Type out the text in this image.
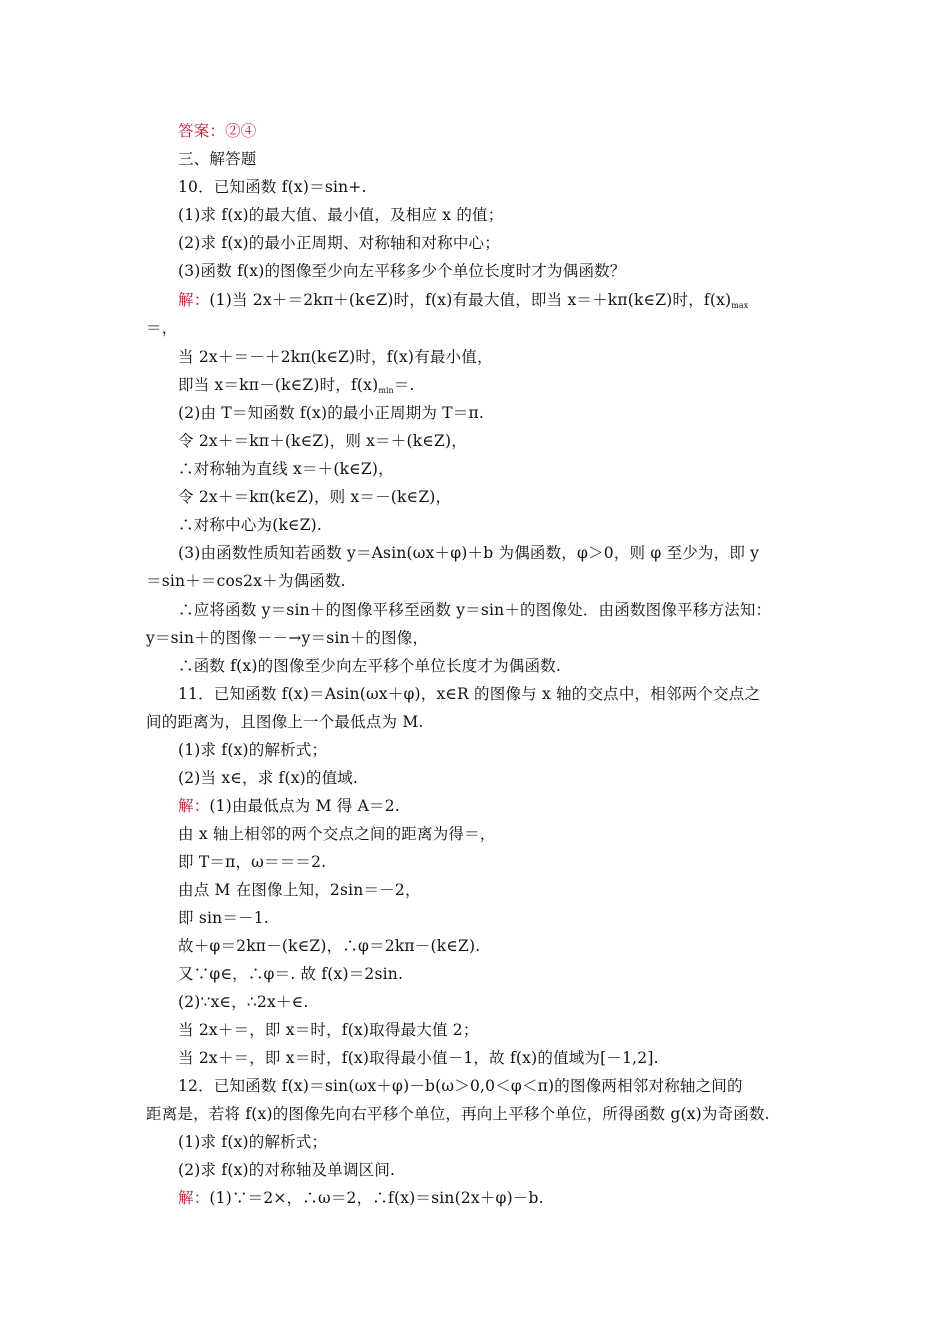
答案：②④
三、解答题
10．已知函数 f(x)＝sin+.
(1)求 f(x)的最大值、最小值，及相应 x 的值；
(2)求 f(x)的最小正周期、对称轴和对称中心；
(3)函数 f(x)的图像至少向左平移多少个单位长度时才为偶函数？
解：(1)当 2x＋＝2kπ＋(k∈Z)时，f(x)有最大值，即当 x＝＋kπ(k∈Z)时，$f(x)_{max}$
＝，
当 2x＋＝－＋2kπ(k∈Z)时，f(x)有最小值，
即当 x＝kπ－(k∈Z)时，$f(x)_{min}=$.
(2)由 T＝知函数 f(x)的最小正周期为 T＝π.
令 2x＋＝kπ＋(k∈Z)，则 x＝＋(k∈Z)，
∴对称轴为直线 x＝＋(k∈Z)，
令 2x＋＝kπ(k∈Z)，则 x＝－(k∈Z)，
∴对称中心为(k∈Z).
(3)由函数性质知若函数 y＝Asin(ωx＋φ)＋b 为偶函数，φ＞0，则 φ 至少为，即 y
＝sin＋＝cos2x＋为偶函数.
∴应将函数 y＝sin＋的图像平移至函数 y＝sin＋的图像处．由函数图像平移方法知：
y＝sin＋的图像－－→y＝sin＋的图像，
∴函数 f(x)的图像至少向左平移个单位长度才为偶函数.
11．已知函数 f(x)＝Asin(ωx＋φ)，x∈R 的图像与 x 轴的交点中，相邻两个交点之
间的距离为，且图像上一个最低点为 M.
(1)求 f(x)的解析式；
(2)当 x∈，求 f(x)的值域.
解：(1)由最低点为 M 得 A＝2.
由 x 轴上相邻的两个交点之间的距离为得＝，
即 T＝π，ω＝＝＝2.
由点 M 在图像上知，2sin＝－2，
即 sin＝－1.
故＋φ＝2kπ－(k∈Z)，∴φ＝2kπ－(k∈Z).
又∵φ∈，∴φ＝. 故 f(x)＝2sin.
(2)∵x∈，∴2x＋∈.
当 2x＋＝，即 x＝时，f(x)取得最大值 2；
当 2x＋＝，即 x＝时，f(x)取得最小值－1，故 f(x)的值域为[－1,2].
12．已知函数 f(x)＝sin(ωx＋φ)－b(ω＞0,0＜φ＜π)的图像两相邻对称轴之间的
距离是，若将 f(x)的图像先向右平移个单位，再向上平移个单位，所得函数 g(x)为奇函数.
(1)求 f(x)的解析式；
(2)求 f(x)的对称轴及单调区间.
解：(1)∵＝2×，∴ω＝2，∴f(x)＝sin(2x＋φ)－b.
